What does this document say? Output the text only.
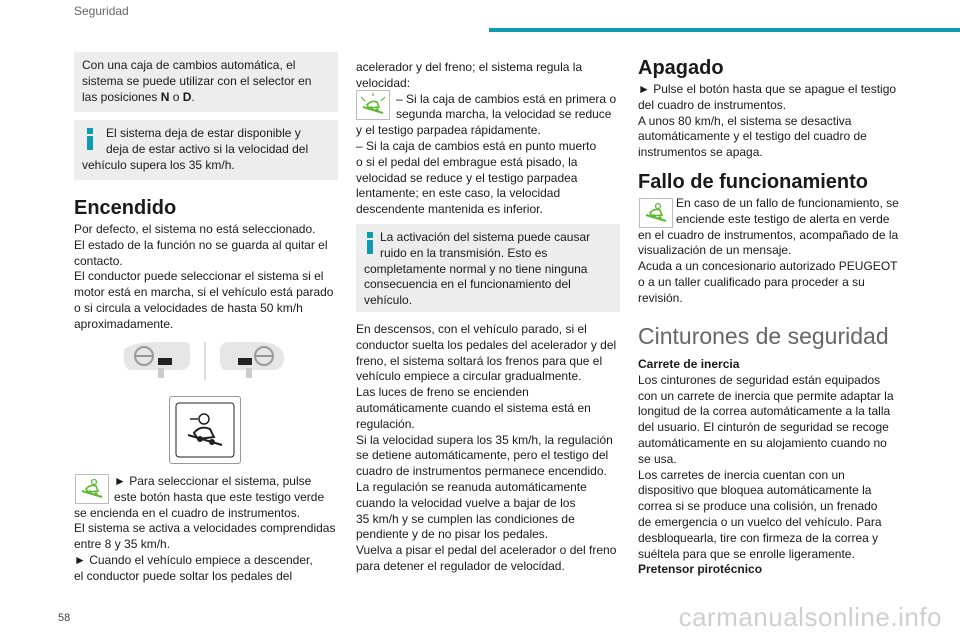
Seguridad
Con una caja de cambios automática, el
sistema se puede utilizar con el selector en
las posiciones N o D.
El sistema deja de estar disponible y
deja de estar activo si la velocidad del
vehículo supera los 35 km/h.
Encendido
Por defecto, el sistema no está seleccionado.
El estado de la función no se guarda al quitar el
contacto.
El conductor puede seleccionar el sistema si el
motor está en marcha, si el vehículo está parado
o si circula a velocidades de hasta 50 km/h
aproximadamente.
► Para seleccionar el sistema, pulse
este botón hasta que este testigo verde
se encienda en el cuadro de instrumentos.
El sistema se activa a velocidades comprendidas
entre 8 y 35 km/h.
► Cuando el vehículo empiece a descender,
el conductor puede soltar los pedales del
acelerador y del freno; el sistema regula la
velocidad:
– Si la caja de cambios está en primera o
segunda marcha, la velocidad se reduce
y el testigo parpadea rápidamente.
– Si la caja de cambios está en punto muerto
o si el pedal del embrague está pisado, la
velocidad se reduce y el testigo parpadea
lentamente; en este caso, la velocidad
descendente mantenida es inferior.
La activación del sistema puede causar
ruido en la transmisión. Esto es
completamente normal y no tiene ninguna
consecuencia en el funcionamiento del
vehículo.
En descensos, con el vehículo parado, si el
conductor suelta los pedales del acelerador y del
freno, el sistema soltará los frenos para que el
vehículo empiece a circular gradualmente.
Las luces de freno se encienden
automáticamente cuando el sistema está en
regulación.
Si la velocidad supera los 35 km/h, la regulación
se detiene automáticamente, pero el testigo del
cuadro de instrumentos permanece encendido.
La regulación se reanuda automáticamente
cuando la velocidad vuelve a bajar de los
35 km/h y se cumplen las condiciones de
pendiente y de no pisar los pedales.
Vuelva a pisar el pedal del acelerador o del freno
para detener el regulador de velocidad.
Apagado
► Pulse el botón hasta que se apague el testigo
del cuadro de instrumentos.
A unos 80 km/h, el sistema se desactiva
automáticamente y el testigo del cuadro de
instrumentos se apaga.
Fallo de funcionamiento
En caso de un fallo de funcionamiento, se
enciende este testigo de alerta en verde
en el cuadro de instrumentos, acompañado de la
visualización de un mensaje.
Acuda a un concesionario autorizado PEUGEOT
o a un taller cualificado para proceder a su
revisión.
Cinturones de seguridad
Carrete de inercia
Los cinturones de seguridad están equipados
con un carrete de inercia que permite adaptar la
longitud de la correa automáticamente a la talla
del usuario. El cinturón de seguridad se recoge
automáticamente en su alojamiento cuando no
se usa.
Los carretes de inercia cuentan con un
dispositivo que bloquea automáticamente la
correa si se produce una colisión, un frenado
de emergencia o un vuelco del vehículo. Para
desbloquearla, tire con firmeza de la correa y
suéltela para que se enrolle ligeramente.
Pretensor pirotécnico
58	carmanualsonline.info
